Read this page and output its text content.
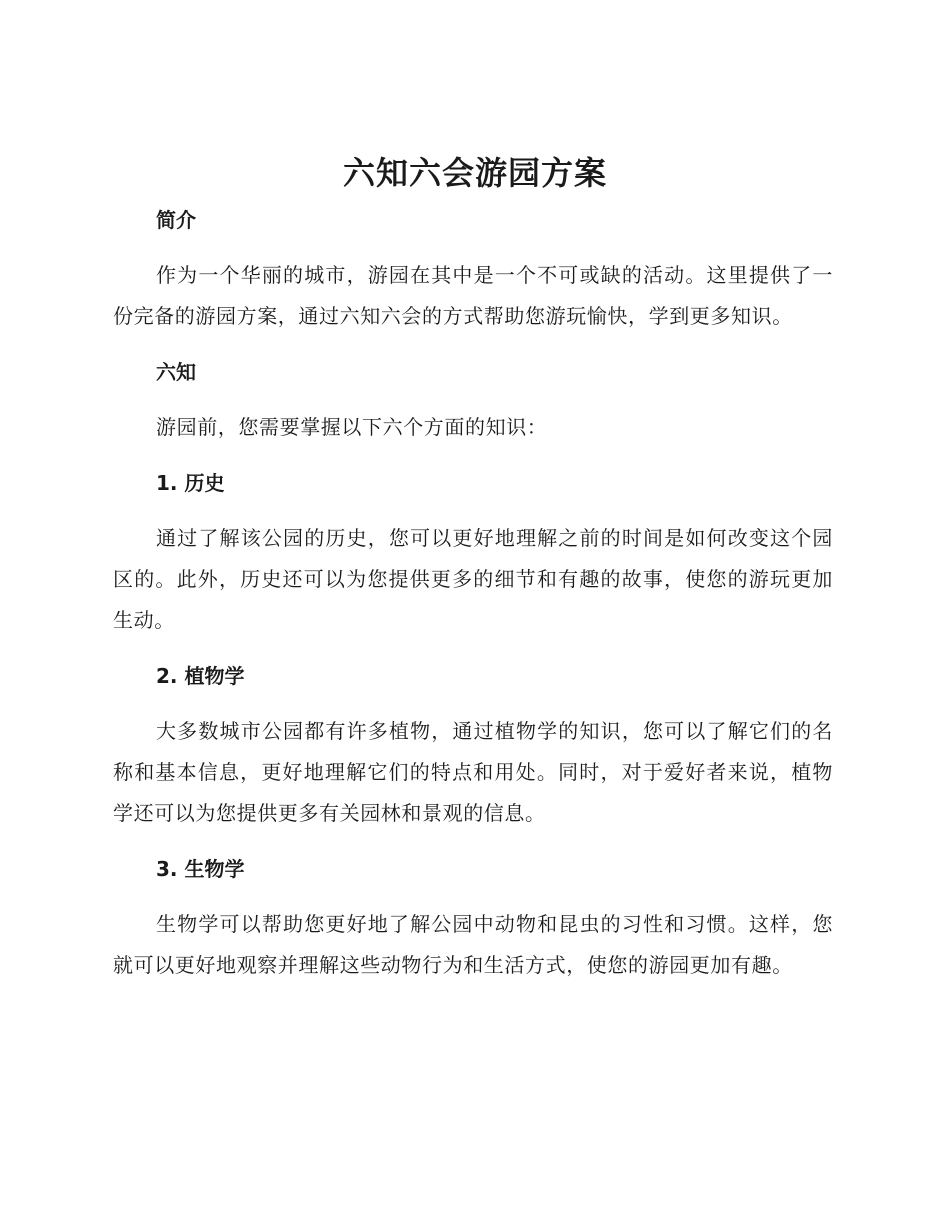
六知六会游园方案
简介

作为一个华丽的城市，游园在其中是一个不可或缺的活动。这里提供了一份完备的游园方案，通过六知六会的方式帮助您游玩愉快，学到更多知识。

六知

游园前，您需要掌握以下六个方面的知识：

1. 历史

通过了解该公园的历史，您可以更好地理解之前的时间是如何改变这个园区的。此外，历史还可以为您提供更多的细节和有趣的故事，使您的游玩更加生动。

2. 植物学

大多数城市公园都有许多植物，通过植物学的知识，您可以了解它们的名称和基本信息，更好地理解它们的特点和用处。同时，对于爱好者来说，植物学还可以为您提供更多有关园林和景观的信息。

3. 生物学

生物学可以帮助您更好地了解公园中动物和昆虫的习性和习惯。这样，您就可以更好地观察并理解这些动物行为和生活方式，使您的游园更加有趣。
